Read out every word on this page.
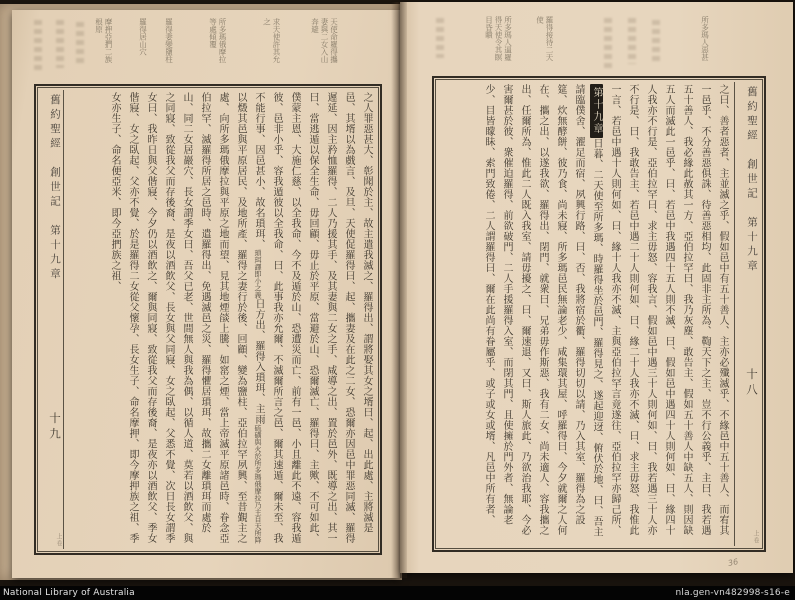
天使命羅得攜妻與二女入山奔避
求天使許其允之
所多瑪俄摩拉等處傾覆
羅得妻變鹽柱
羅得居山穴
摩押亞捫二族根原
舊約聖經　創世記　第十九章
十九
上卷
之人罪惡甚大、彰聞於主、故主遣我滅之、羅得出、謂將娶其女之壻曰、起、出此處、主將滅是邑、其壻以為戲言、及旦、天使促羅得曰、起、攜妻及在此之二女、恐爾亦因邑中罪惡同滅、羅得遲延、因主矜恤羅得、二人乃援其手、及其妻與二女之手、咸導之出、置於邑外、既導之出、其一曰、當逃遁以保全生命、毋回顧、毋止於平原、當避於山、恐爾滅亡、羅得曰、主歟、不可如此、僕蒙主恩、大施仁慈、以全我命、今不及遁於山、恐遭災而亡、前有一邑、小且離此不遠、容我遁彼、邑非小乎、容我遁彼以全我命、曰、此事我亦允爾、不滅爾所言之邑、爾其速遁、爾未至、我不能行事、因邑甚小、故名瑣珥、瑣珥譯即小之義日方出、羅得入瑣珥、主雨硫磺與火於所多瑪俄摩拉乃主自天所降以燬其邑與平原居民、及地所產、羅得之妻行於後、回顧、變為鹽柱、亞伯拉罕夙興、至昔覲主之處、向所多瑪俄摩拉與平原之地而望、見其地煙燄上騰、如窰之煙、當上帝滅平原諸邑時、眷念亞伯拉罕、滅羅得所居之邑時、遣羅得出、免遇滅邑之災、羅得懼居瑣珥、故攜二女離瑣珥而處於山、同二女居巖穴、長女謂季女曰、吾父已老、世間無人與我為偶、以循人道、莫若以酒飲父、與之同寢、致從我父而存後裔、是夜以酒飲父、長女與父同寢、女之臥起、父悉不覺、次日長女謂季女曰、我昨日與父偕寢、今夕仍以酒飲之、爾與同寢、致從我父而存後裔、是夜亦以酒飲父、季女偕寢、女之臥起、父亦不覺、於是羅得二女從父懷孕、長女生子、命名摩押、即今摩押族之祖、季女亦生子、命名便亞米、即今亞捫族之祖、
所多瑪人惡甚
羅得接待二天使
所多瑪人逼羅得天使令其瞑目昏瞶
舊約聖經　創世記　第十九章
十八
上卷
之曰、善者惡者、主並滅之乎、假如邑中有五十善人、主亦必殲滅乎、不緣邑中五十善人、而宥其一邑乎、不分善惡俱誅、待善惡相均、此固非主所為、鞫天下之主、豈不行公義乎、主曰、我若遇五十善人、我必緣此赦其一方、亞伯拉罕曰、我乃灰塵、敢告主、假如五十善人中缺五人、則因缺五人而滅此一邑乎、曰、若邑中我遇四十五人則不滅、曰、假如邑中遇四十人則何如、曰、緣四十人我亦不行是、亞伯拉罕曰、求主毋怒、容我言、假如邑中遇三十人則何如、曰、我若遇三十人亦不行是、曰、我敢告主、若邑中遇二十人則何如、曰、緣二十人我亦不滅、曰、求主毋怒、我惟此一言、若邑中遇十人則何如、曰、緣十人我亦不滅、主與亞伯拉罕言竟遂往、亞伯拉罕亦歸己所、
第十九章日暮、二天使至所多瑪、時羅得坐於邑門、羅得見之、遂起迎迓、俯伏於地、曰、吾主請臨僕舍、濯足而宿、夙興行路、曰、否、我將宿於衢、羅得切切以請、乃入其室、羅得為之設筵、炊無酵餅、彼乃食、尚未寢、所多瑪邑民無論老少、咸集環其屋、呼羅得曰、今夕就爾之人何在、攜之出、以遂我欲、羅得出、閉門、就衆曰、兄弟毋作斯惡、我有二女、尚未適人、容我攜之出、任爾所為、惟此二人既入我室、請毋擾之、曰、爾速退、又曰、斯人旅此、乃欲治我耶、今必害爾甚於彼、衆催迫羅得、前欲破門、二人手援羅得入室、而閉其門、且使擁於門外者、無論老少、目皆矇眛、索門致倦、二人謂羅得曰、爾在此尚有眷屬乎、或子或女或壻、凡邑中所有者、
36
National Library of Australia	nla.gen-vn482998-s16-e
